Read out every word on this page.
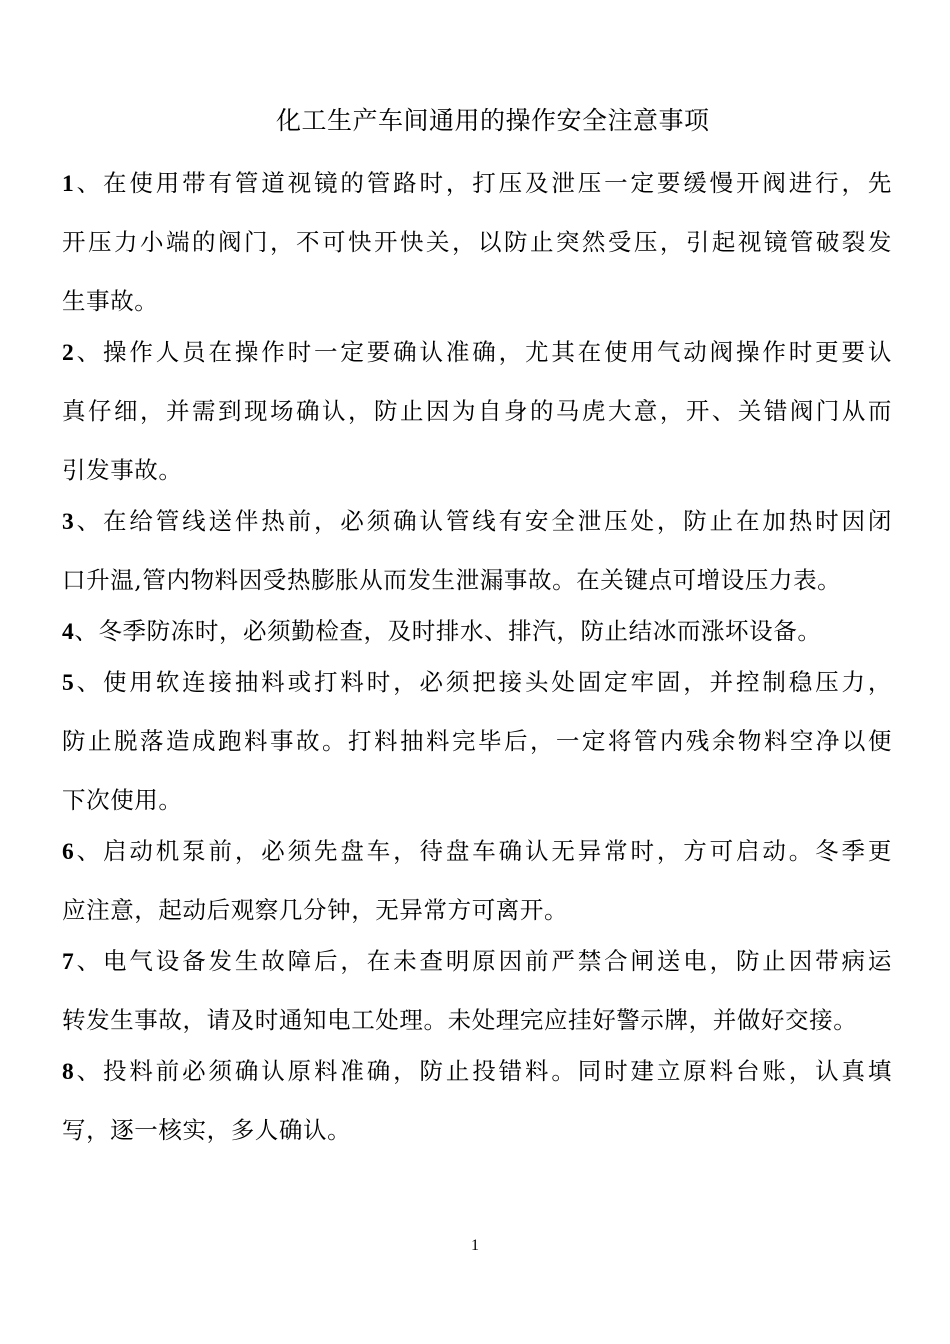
化工生产车间通用的操作安全注意事项
1、在使用带有管道视镜的管路时，打压及泄压一定要缓慢开阀进行，先
开压力小端的阀门，不可快开快关，以防止突然受压，引起视镜管破裂发
生事故。
2、操作人员在操作时一定要确认准确，尤其在使用气动阀操作时更要认
真仔细，并需到现场确认，防止因为自身的马虎大意，开、关错阀门从而
引发事故。
3、在给管线送伴热前，必须确认管线有安全泄压处，防止在加热时因闭
口升温,管内物料因受热膨胀从而发生泄漏事故。在关键点可增设压力表。
4、冬季防冻时，必须勤检查，及时排水、排汽，防止结冰而涨坏设备。
5、使用软连接抽料或打料时，必须把接头处固定牢固，并控制稳压力，
防止脱落造成跑料事故。打料抽料完毕后，一定将管内残余物料空净以便
下次使用。
6、启动机泵前，必须先盘车，待盘车确认无异常时，方可启动。冬季更
应注意，起动后观察几分钟，无异常方可离开。
7、电气设备发生故障后，在未查明原因前严禁合闸送电，防止因带病运
转发生事故，请及时通知电工处理。未处理完应挂好警示牌，并做好交接。
8、投料前必须确认原料准确，防止投错料。同时建立原料台账，认真填
写，逐一核实，多人确认。
1
